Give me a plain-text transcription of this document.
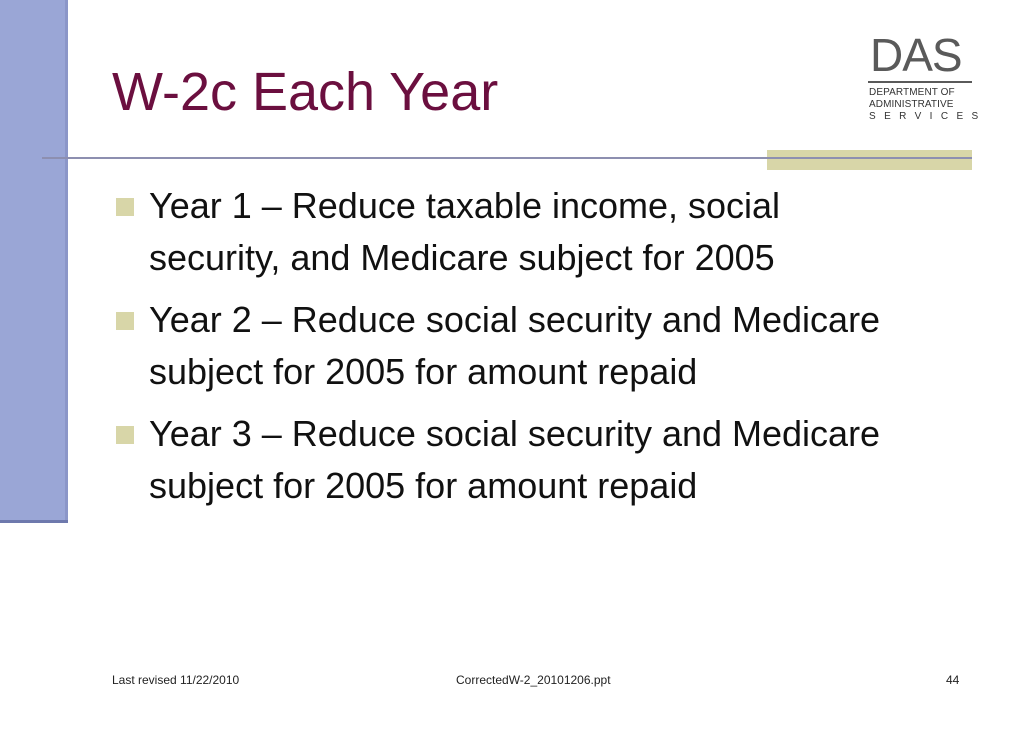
W-2c Each Year
DAS
DEPARTMENT OF
ADMINISTRATIVE
SERVICES
Year 1 – Reduce taxable income, social security, and Medicare subject for 2005
Year 2 – Reduce social security and Medicare subject for 2005 for amount repaid
Year 3 – Reduce social security and Medicare subject for 2005 for amount repaid
Last revised 11/22/2010	CorrectedW-2_20101206.ppt	44
